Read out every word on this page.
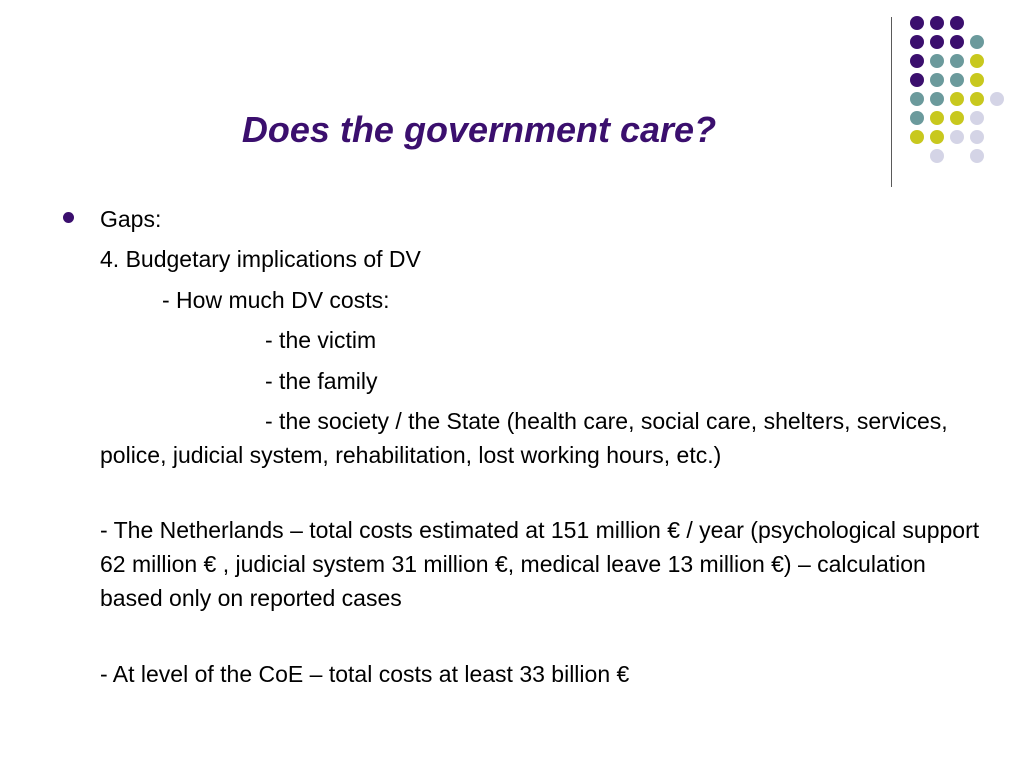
Does the government care?
Gaps:
4. Budgetary implications of DV
- How much DV costs:
- the victim
- the family
- the society / the State (health care, social care, shelters, services, police, judicial system, rehabilitation, lost working hours, etc.)
- The Netherlands – total costs estimated at 151 million € / year (psychological support 62 million € , judicial system 31 million €, medical leave 13 million €) – calculation based only on reported cases
- At level of the CoE – total costs at least 33 billion €
